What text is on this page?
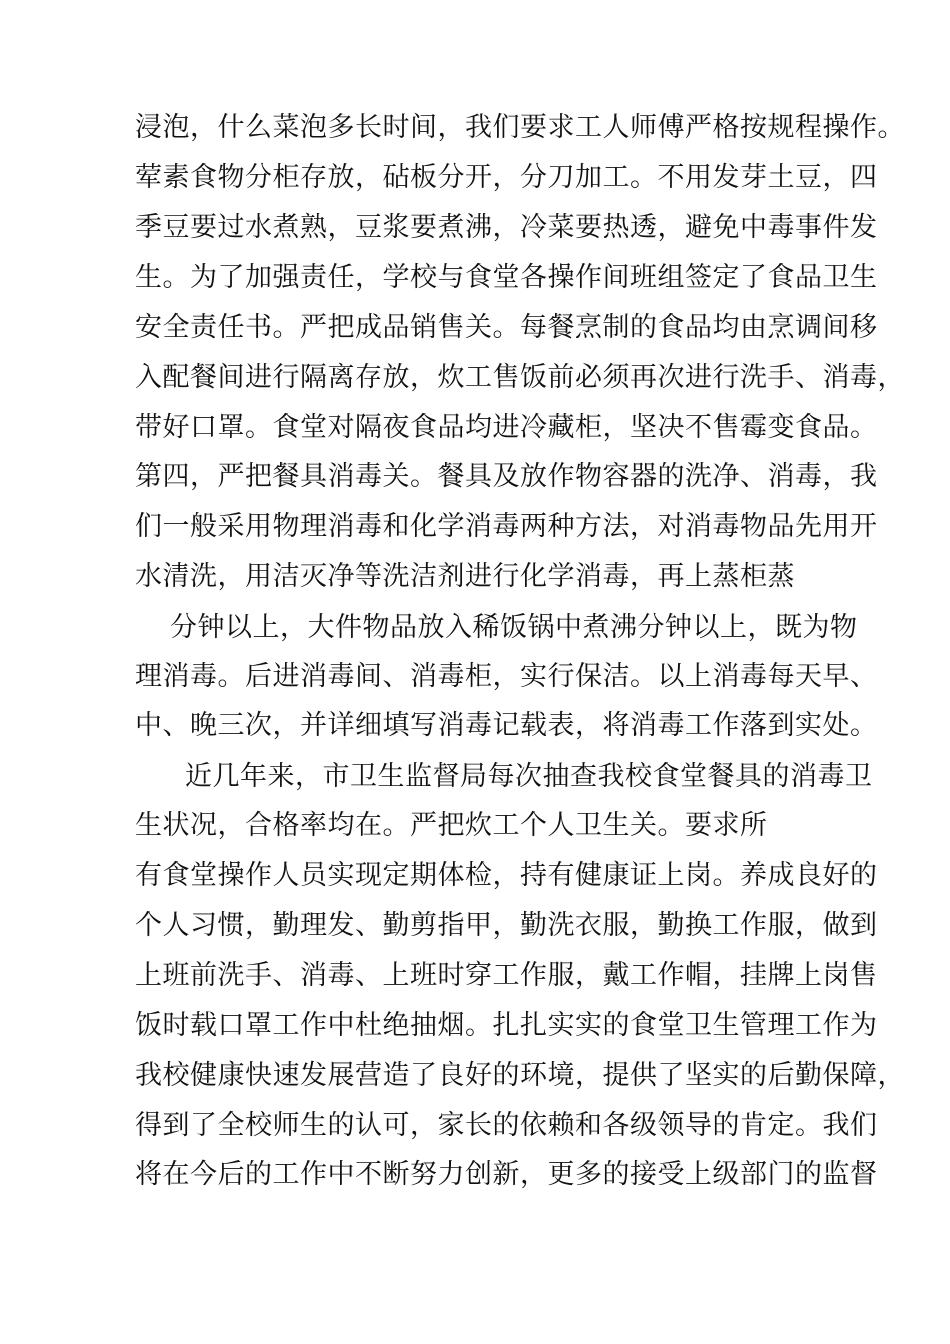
浸泡，什么菜泡多长时间，我们要求工人师傅严格按规程操作。
荤素食物分柜存放，砧板分开，分刀加工。不用发芽土豆，四
季豆要过水煮熟，豆浆要煮沸，冷菜要热透，避免中毒事件发
生。为了加强责任，学校与食堂各操作间班组签定了食品卫生
安全责任书。严把成品销售关。每餐烹制的食品均由烹调间移
入配餐间进行隔离存放，炊工售饭前必须再次进行洗手、消毒，
带好口罩。食堂对隔夜食品均进冷藏柜，坚决不售霉变食品。
第四，严把餐具消毒关。餐具及放作物容器的洗净、消毒，我
们一般采用物理消毒和化学消毒两种方法，对消毒物品先用开
水清洗，用洁灭净等洗洁剂进行化学消毒，再上蒸柜蒸
分钟以上，大件物品放入稀饭锅中煮沸分钟以上，既为物
理消毒。后进消毒间、消毒柜，实行保洁。以上消毒每天早、
中、晚三次，并详细填写消毒记载表，将消毒工作落到实处。
近几年来，市卫生监督局每次抽查我校食堂餐具的消毒卫
生状况，合格率均在。严把炊工个人卫生关。要求所
有食堂操作人员实现定期体检，持有健康证上岗。养成良好的
个人习惯，勤理发、勤剪指甲，勤洗衣服，勤换工作服，做到
上班前洗手、消毒、上班时穿工作服，戴工作帽，挂牌上岗售
饭时载口罩工作中杜绝抽烟。扎扎实实的食堂卫生管理工作为
我校健康快速发展营造了良好的环境，提供了坚实的后勤保障，
得到了全校师生的认可，家长的依赖和各级领导的肯定。我们
将在今后的工作中不断努力创新，更多的接受上级部门的监督
